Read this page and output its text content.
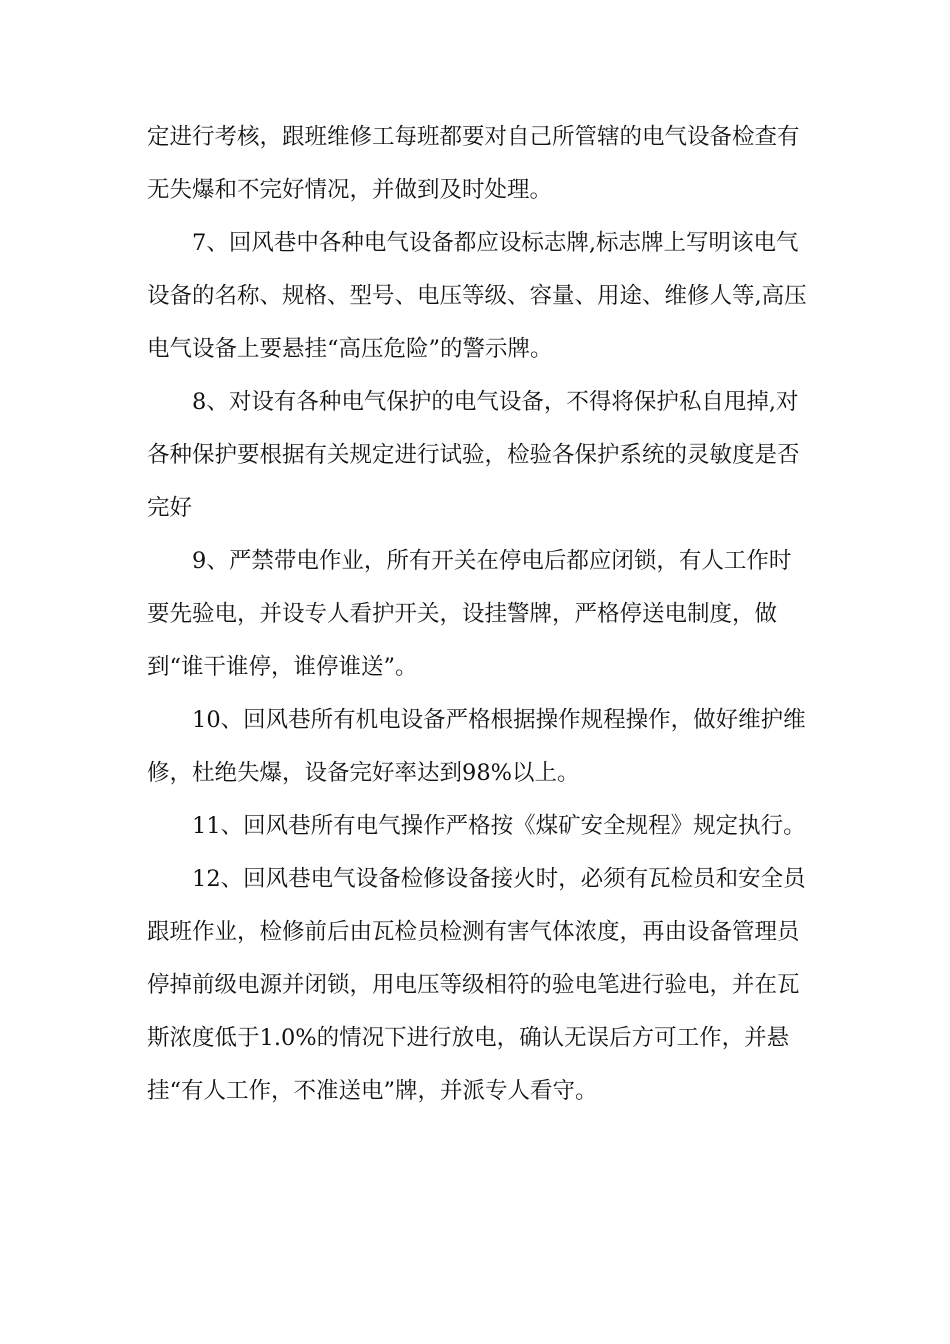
定进行考核，跟班维修工每班都要对自己所管辖的电气设备检查有
无失爆和不完好情况，并做到及时处理。
7、回风巷中各种电气设备都应设标志牌,标志牌上写明该电气
设备的名称、规格、型号、电压等级、容量、用途、维修人等,高压
电气设备上要悬挂“高压危险”的警示牌。
8、对设有各种电气保护的电气设备，不得将保护私自甩掉,对
各种保护要根据有关规定进行试验，检验各保护系统的灵敏度是否
完好
9、严禁带电作业，所有开关在停电后都应闭锁，有人工作时
要先验电，并设专人看护开关，设挂警牌，严格停送电制度，做
到“谁干谁停，谁停谁送”。
10、回风巷所有机电设备严格根据操作规程操作，做好维护维
修，杜绝失爆，设备完好率达到98%以上。
11、回风巷所有电气操作严格按《煤矿安全规程》规定执行。
12、回风巷电气设备检修设备接火时，必须有瓦检员和安全员
跟班作业，检修前后由瓦检员检测有害气体浓度，再由设备管理员
停掉前级电源并闭锁，用电压等级相符的验电笔进行验电，并在瓦
斯浓度低于1.0%的情况下进行放电，确认无误后方可工作，并悬
挂“有人工作，不准送电”牌，并派专人看守。
